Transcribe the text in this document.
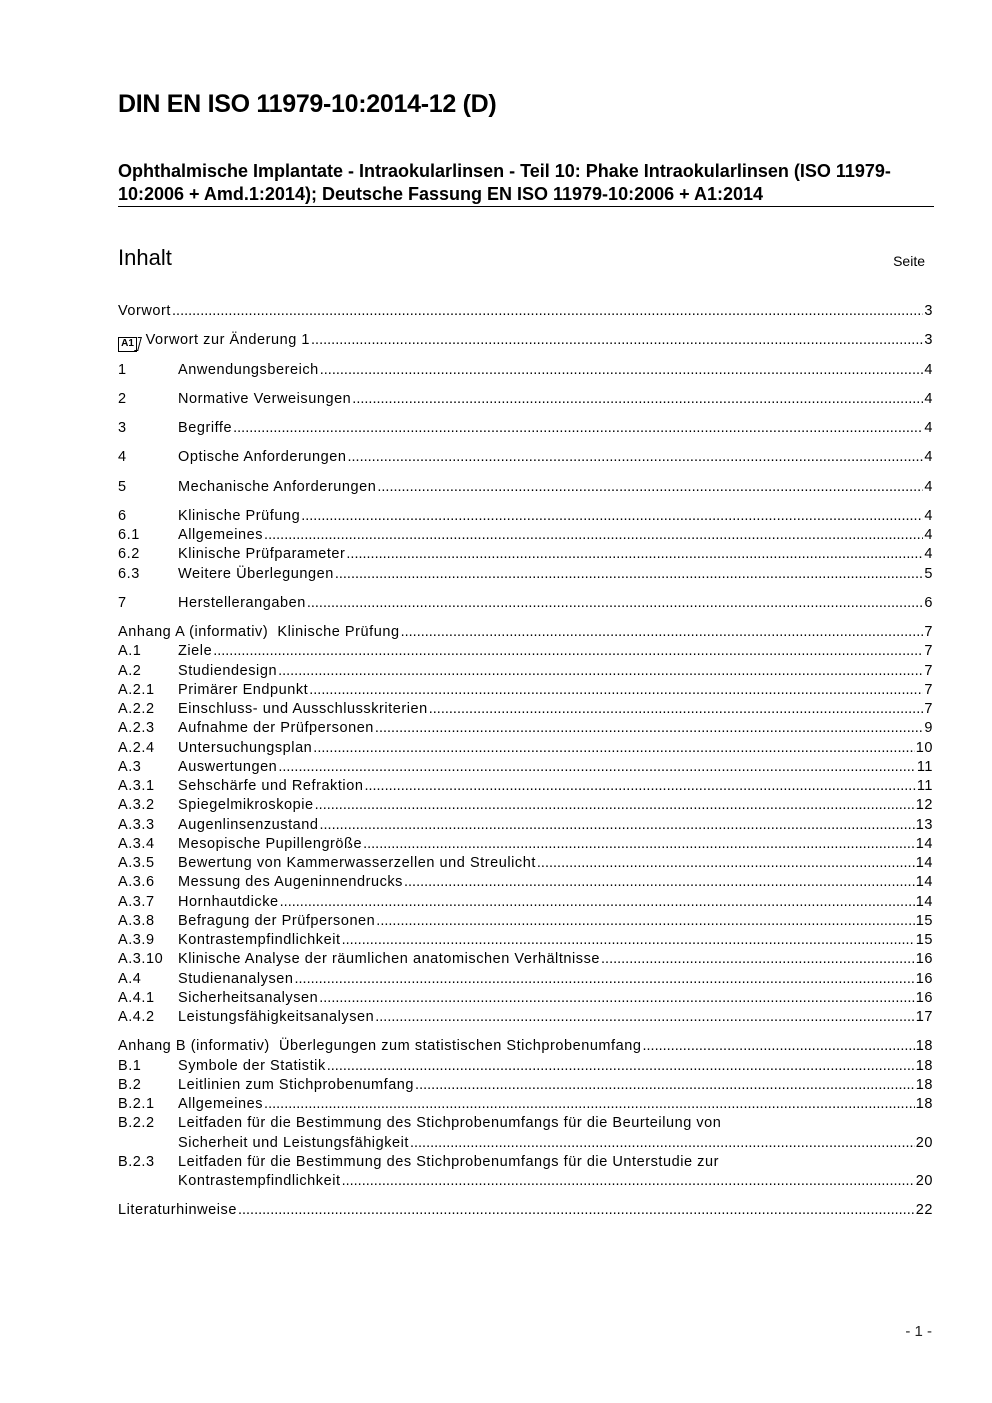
DIN EN ISO 11979-10:2014-12 (D)
Ophthalmische Implantate - Intraokularlinsen - Teil 10: Phake Intraokularlinsen (ISO 11979-10:2006 + Amd.1:2014); Deutsche Fassung EN ISO 11979-10:2006 + A1:2014
Inhalt	Seite
Vorwort .....	3
A1 Vorwort zur Änderung 1 .....	3
1	Anwendungsbereich .....	4
2	Normative Verweisungen .....	4
3	Begriffe .....	4
4	Optische Anforderungen .....	4
5	Mechanische Anforderungen .....	4
6	Klinische Prüfung .....	4
6.1	Allgemeines .....	4
6.2	Klinische Prüfparameter .....	4
6.3	Weitere Überlegungen .....	5
7	Herstellerangaben .....	6
Anhang A (informativ) Klinische Prüfung .....	7
A.1	Ziele .....	7
A.2	Studiendesign .....	7
A.2.1	Primärer Endpunkt .....	7
A.2.2	Einschluss- und Ausschlusskriterien .....	7
A.2.3	Aufnahme der Prüfpersonen .....	9
A.2.4	Untersuchungsplan .....	10
A.3	Auswertungen .....	11
A.3.1	Sehschärfe und Refraktion .....	11
A.3.2	Spiegelmikroskopie .....	12
A.3.3	Augenlinsenzustand .....	13
A.3.4	Mesopische Pupillengröße .....	14
A.3.5	Bewertung von Kammerwasserzellen und Streulicht .....	14
A.3.6	Messung des Augeninnendrucks .....	14
A.3.7	Hornhautdicke .....	14
A.3.8	Befragung der Prüfpersonen .....	15
A.3.9	Kontrastempfindlichkeit .....	15
A.3.10	Klinische Analyse der räumlichen anatomischen Verhältnisse .....	16
A.4	Studienanalysen .....	16
A.4.1	Sicherheitsanalysen .....	16
A.4.2	Leistungsfähigkeitsanalysen .....	17
Anhang B (informativ) Überlegungen zum statistischen Stichprobenumfang .....	18
B.1	Symbole der Statistik .....	18
B.2	Leitlinien zum Stichprobenumfang .....	18
B.2.1	Allgemeines .....	18
B.2.2	Leitfaden für die Bestimmung des Stichprobenumfangs für die Beurteilung von
Sicherheit und Leistungsfähigkeit .....	20
B.2.3	Leitfaden für die Bestimmung des Stichprobenumfangs für die Unterstudie zur
Kontrastempfindlichkeit .....	20
Literaturhinweise .....	22
- 1 -
